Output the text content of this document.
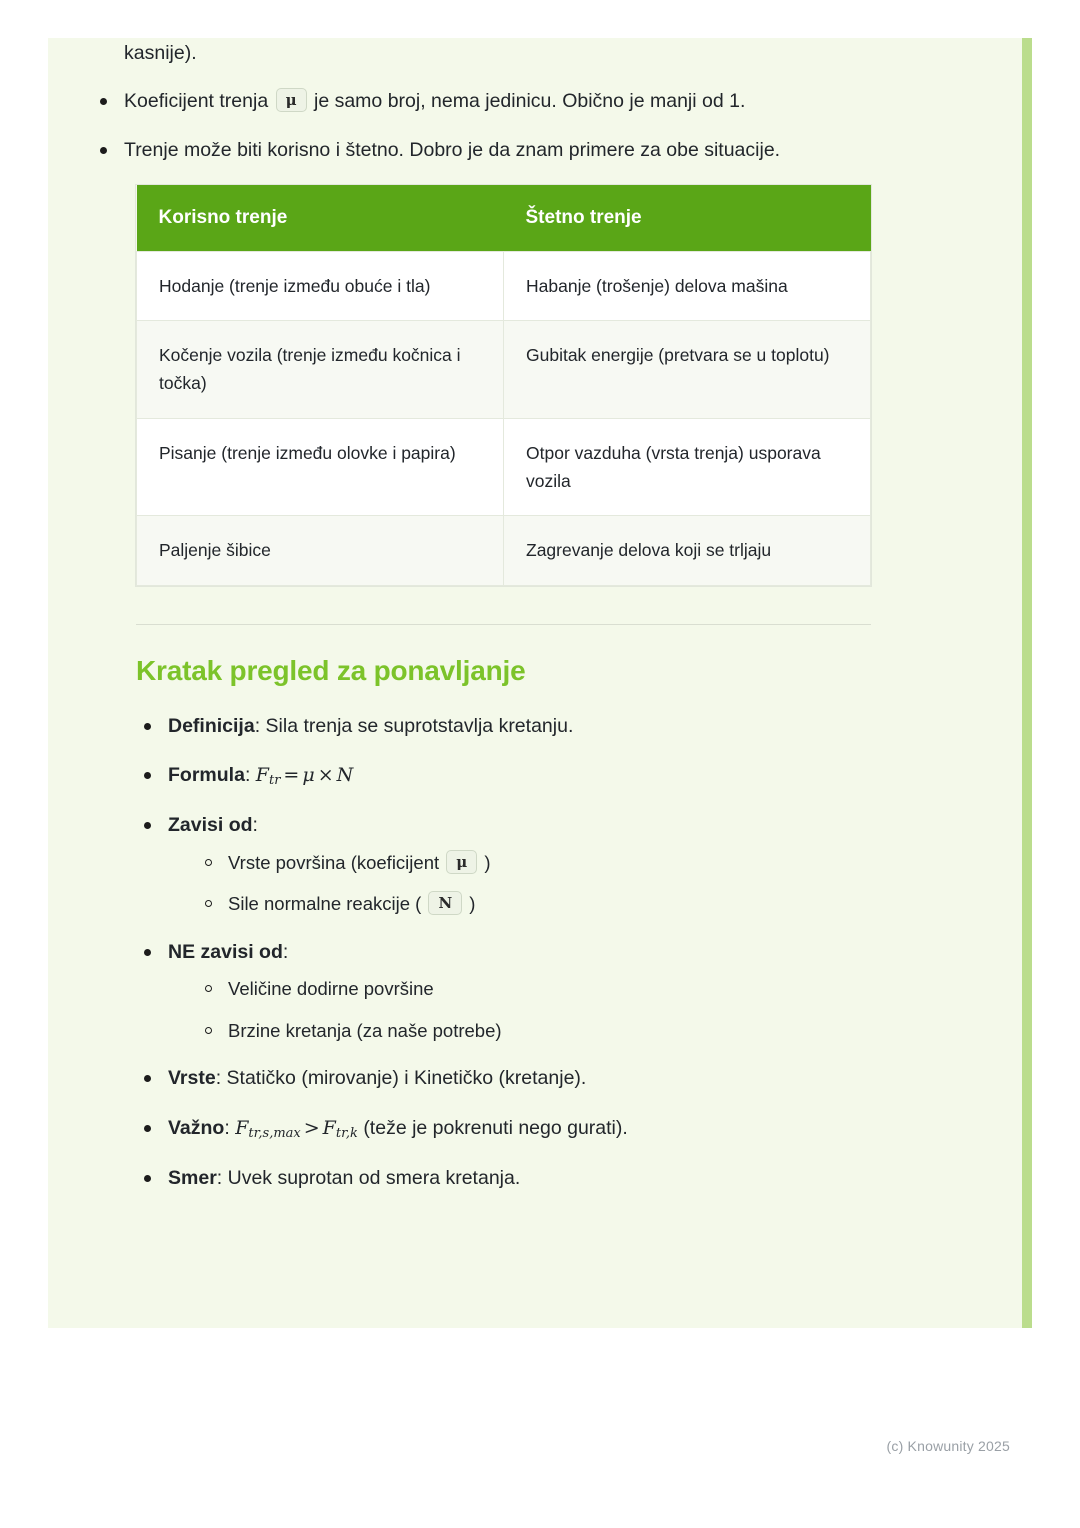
kasnije).
Koeficijent trenja μ je samo broj, nema jedinicu. Obično je manji od 1.
Trenje može biti korisno i štetno. Dobro je da znam primere za obe situacije.
Korisno trenje	Štetno trenje
Hodanje (trenje između obuće i tla)	Habanje (trošenje) delova mašina
Kočenje vozila (trenje između kočnica i točka)	Gubitak energije (pretvara se u toplotu)
Pisanje (trenje između olovke i papira)	Otpor vazduha (vrsta trenja) usporava vozila
Paljenje šibice	Zagrevanje delova koji se trljaju
Kratak pregled za ponavljanje
Definicija: Sila trenja se suprotstavlja kretanju.
Formula: $F_{tr} = \mu \times N$
Zavisi od:
Vrste površina (koeficijent μ )
Sile normalne reakcije ( N )
NE zavisi od:
Veličine dodirne površine
Brzine kretanja (za naše potrebe)
Vrste: Statičko (mirovanje) i Kinetičko (kretanje).
Važno: $F_{tr,s,max} > F_{tr,k}$ (teže je pokrenuti nego gurati).
Smer: Uvek suprotan od smera kretanja.
(c) Knowunity 2025
